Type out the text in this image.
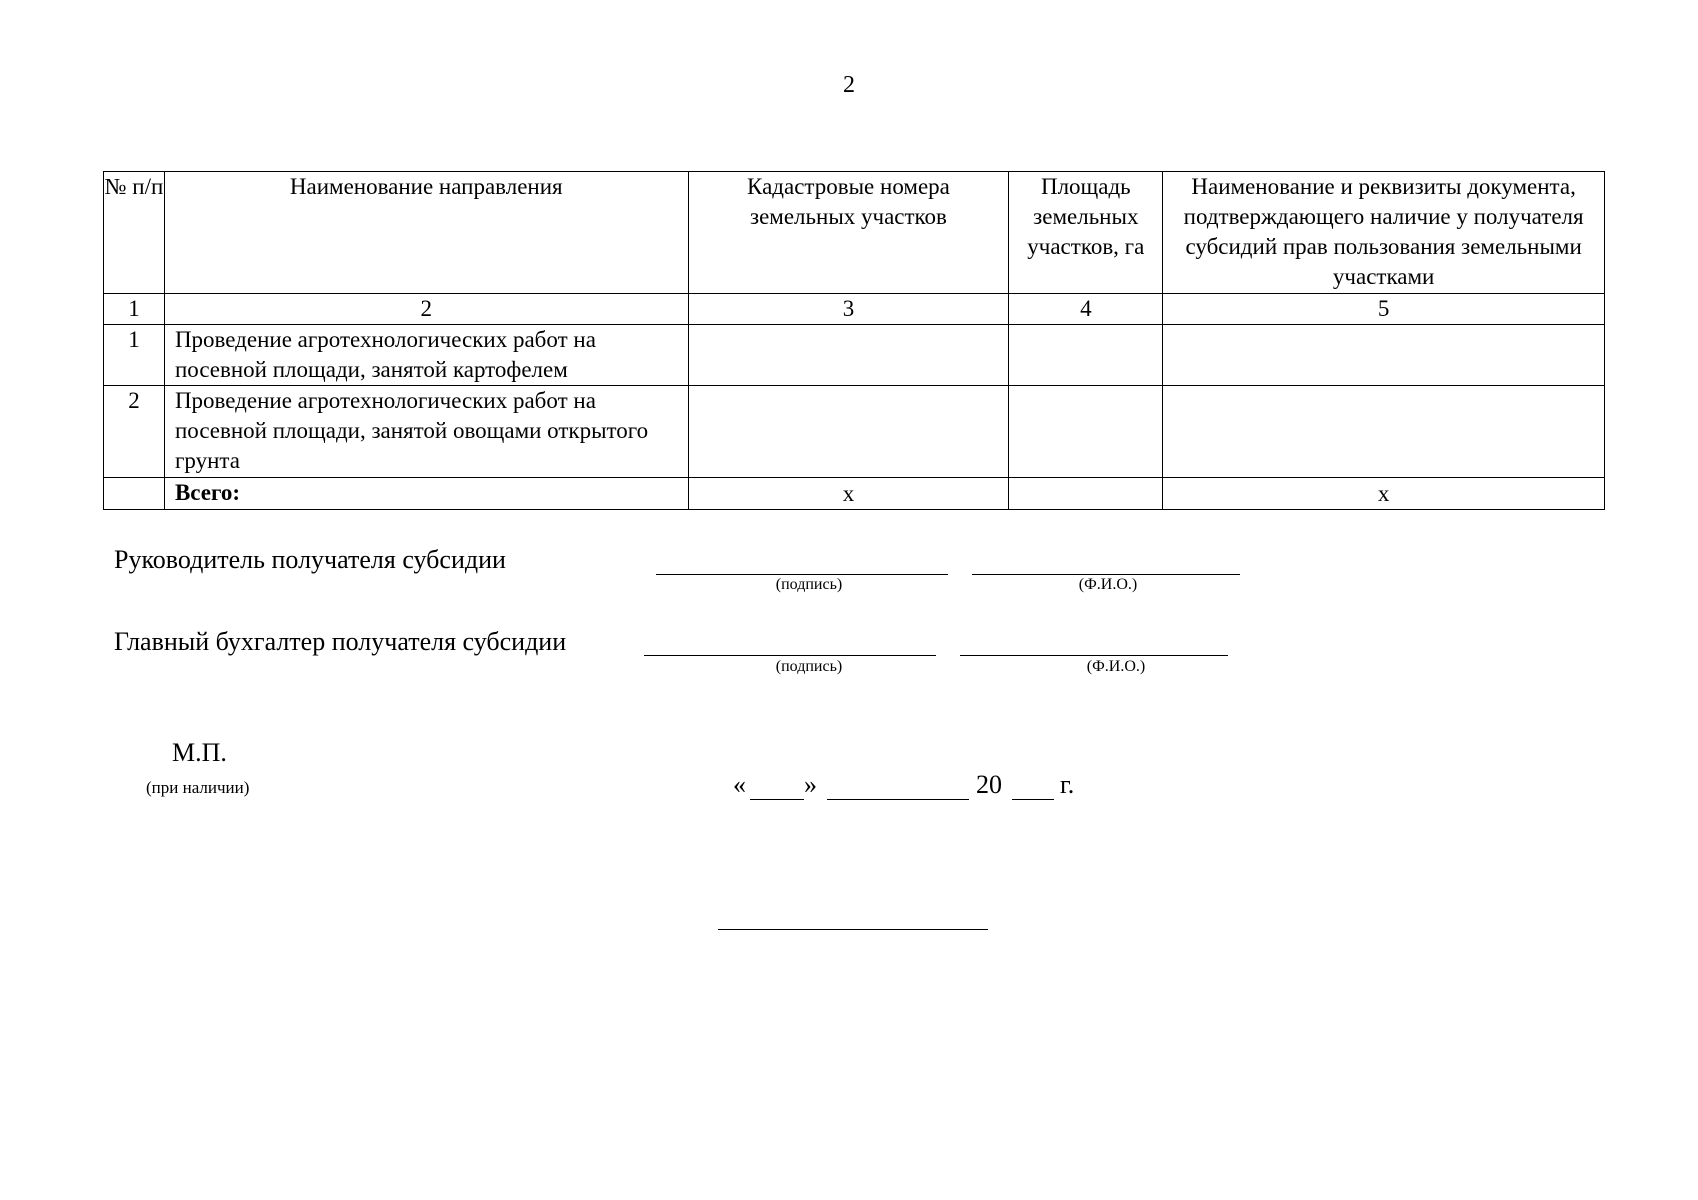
2
№ п/п	Наименование направления	Кадастровые номера земельных участков	Площадь земельных участков, га	Наименование и реквизиты документа, подтверждающего наличие у получателя субсидий прав пользования земельными участками
1	2	3	4	5
1	Проведение агротехнологических работ на посевной площади, занятой картофелем			
2	Проведение агротехнологических работ на посевной площади, занятой овощами открытого грунта			
	Всего:	х		х
Руководитель получателя субсидии
(подпись)	(Ф.И.О.)
Главный бухгалтер получателя субсидии
(подпись)	(Ф.И.О.)
М.П.
(при наличии)	« »	20 г.
